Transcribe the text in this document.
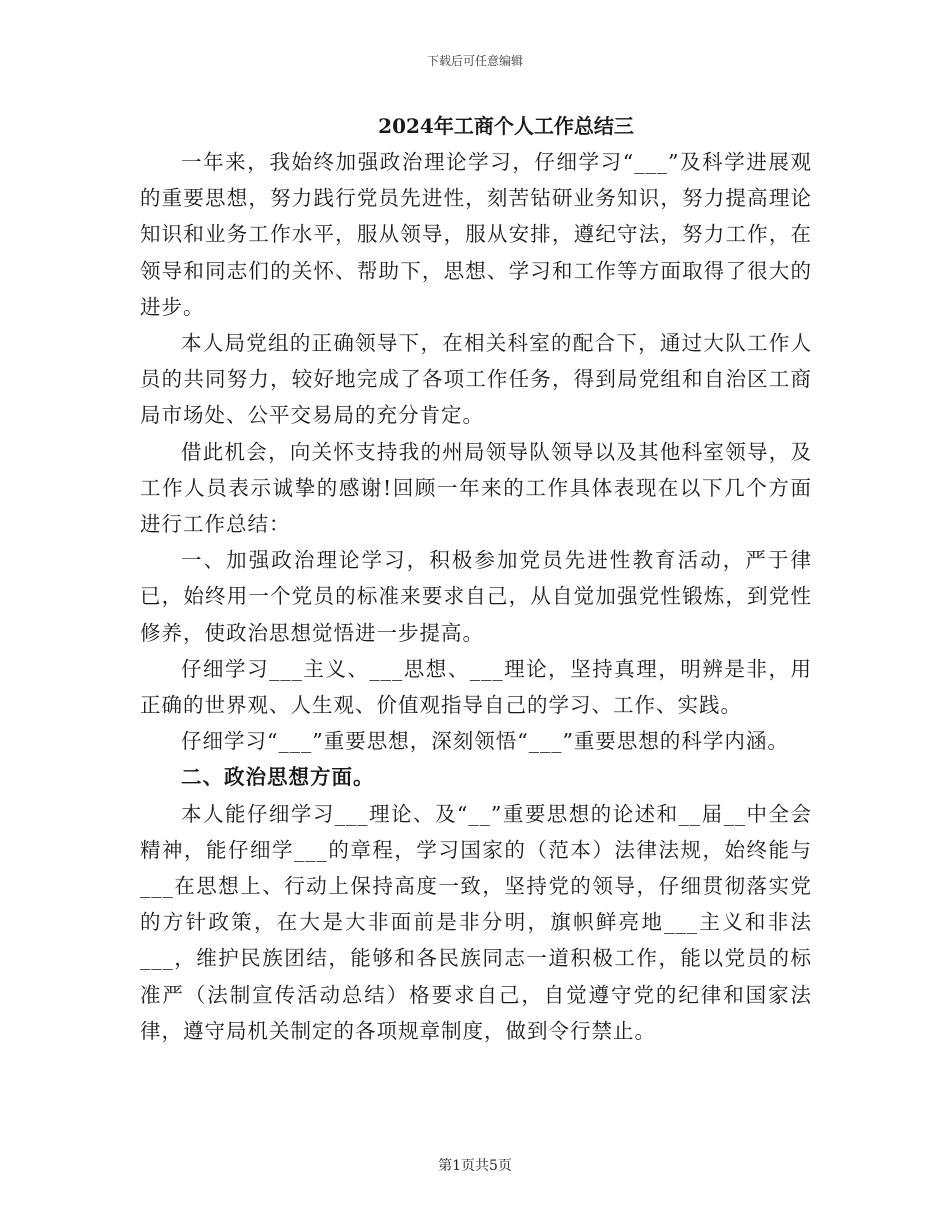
下载后可任意编辑
2024年工商个人工作总结三

一年来，我始终加强政治理论学习，仔细学习“___”及科学进展观的重要思想，努力践行党员先进性，刻苦钻研业务知识，努力提高理论知识和业务工作水平，服从领导，服从安排，遵纪守法，努力工作，在领导和同志们的关怀、帮助下，思想、学习和工作等方面取得了很大的进步。

本人局党组的正确领导下，在相关科室的配合下，通过大队工作人员的共同努力，较好地完成了各项工作任务，得到局党组和自治区工商局市场处、公平交易局的充分肯定。

借此机会，向关怀支持我的州局领导队领导以及其他科室领导，及工作人员表示诚挚的感谢!回顾一年来的工作具体表现在以下几个方面进行工作总结：

一、加强政治理论学习，积极参加党员先进性教育活动，严于律已，始终用一个党员的标准来要求自己，从自觉加强党性锻炼，到党性修养，使政治思想觉悟进一步提高。

仔细学习___主义、___思想、___理论，坚持真理，明辨是非，用正确的世界观、人生观、价值观指导自己的学习、工作、实践。

仔细学习“___”重要思想，深刻领悟“___”重要思想的科学内涵。

二、政治思想方面。

本人能仔细学习___理论、及“__”重要思想的论述和__届__中全会精神，能仔细学___的章程，学习国家的（范本）法律法规，始终能与___在思想上、行动上保持高度一致，坚持党的领导，仔细贯彻落实党的方针政策，在大是大非面前是非分明，旗帜鲜亮地___主义和非法___，维护民族团结，能够和各民族同志一道积极工作，能以党员的标准严（法制宣传活动总结）格要求自己，自觉遵守党的纪律和国家法律，遵守局机关制定的各项规章制度，做到令行禁止。

第1页共5页
